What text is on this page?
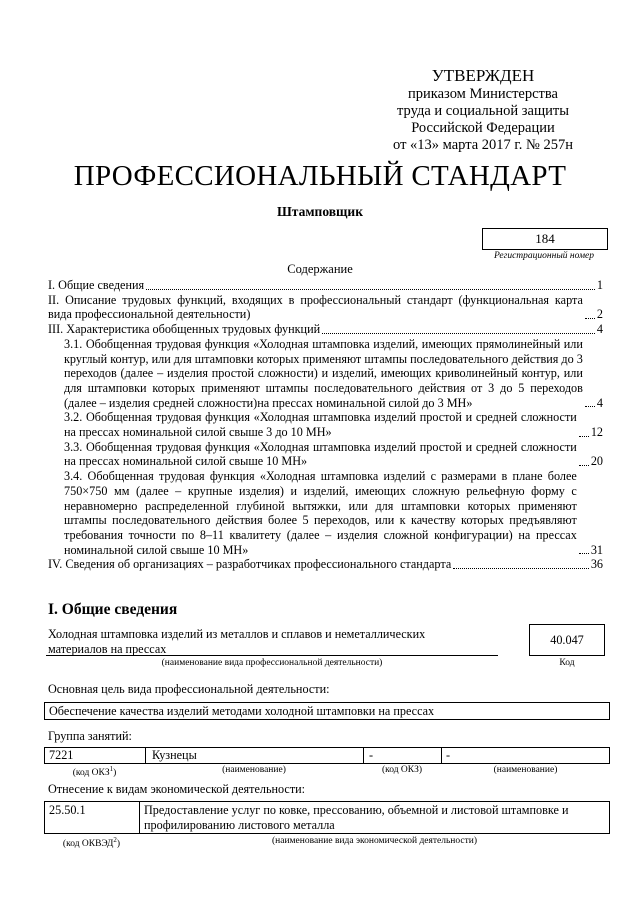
УТВЕРЖДЕН
приказом Министерства
труда и социальной защиты
Российской Федерации
от «13» марта 2017 г. № 257н
ПРОФЕССИОНАЛЬНЫЙ СТАНДАРТ
Штамповщик
184
Регистрационный номер
Содержание
I. Общие сведения	1
II. Описание трудовых функций, входящих в профессиональный стандарт (функциональная карта вида профессиональной деятельности)	2
III. Характеристика обобщенных трудовых функций	4
3.1. Обобщенная трудовая функция «Холодная штамповка изделий, имеющих прямолинейный или круглый контур, или для штамповки которых применяют штампы последовательного действия до 3 переходов (далее – изделия простой сложности) и изделий, имеющих криволинейный контур, или для штамповки которых применяют штампы последовательного действия от 3 до 5 переходов (далее – изделия средней сложности)на прессах номинальной силой до 3 МН»	4
3.2. Обобщенная трудовая функция «Холодная штамповка изделий простой и средней сложности на прессах номинальной силой свыше 3 до 10 МН»	12
3.3. Обобщенная трудовая функция «Холодная штамповка изделий простой и средней сложности на прессах номинальной силой свыше 10 МН»	20
3.4. Обобщенная трудовая функция «Холодная штамповка изделий с размерами в плане более 750×750 мм (далее – крупные изделия) и изделий, имеющих сложную рельефную форму с неравномерно распределенной глубиной вытяжки, или для штамповки которых применяют штампы последовательного действия более 5 переходов, или к качеству которых предъявляют требования точности по 8–11 квалитету (далее – изделия сложной конфигурации) на прессах номинальной силой свыше 10 МН»	31
IV. Сведения об организациях – разработчиках профессионального стандарта	36
I. Общие сведения
Холодная штамповка изделий из металлов и сплавов и неметаллических материалов на прессах
(наименование вида профессиональной деятельности)
40.047
Код
Основная цель вида профессиональной деятельности:
Обеспечение качества изделий методами холодной штамповки на прессах
Группа занятий:
7221	Кузнецы	-	-
(код ОКЗ$^1$)	(наименование)	(код ОКЗ)	(наименование)
Отнесение к видам экономической деятельности:
25.50.1	Предоставление услуг по ковке, прессованию, объемной и листовой штамповке и профилированию листового металла
(код ОКВЭД$^2$)	(наименование вида экономической деятельности)
